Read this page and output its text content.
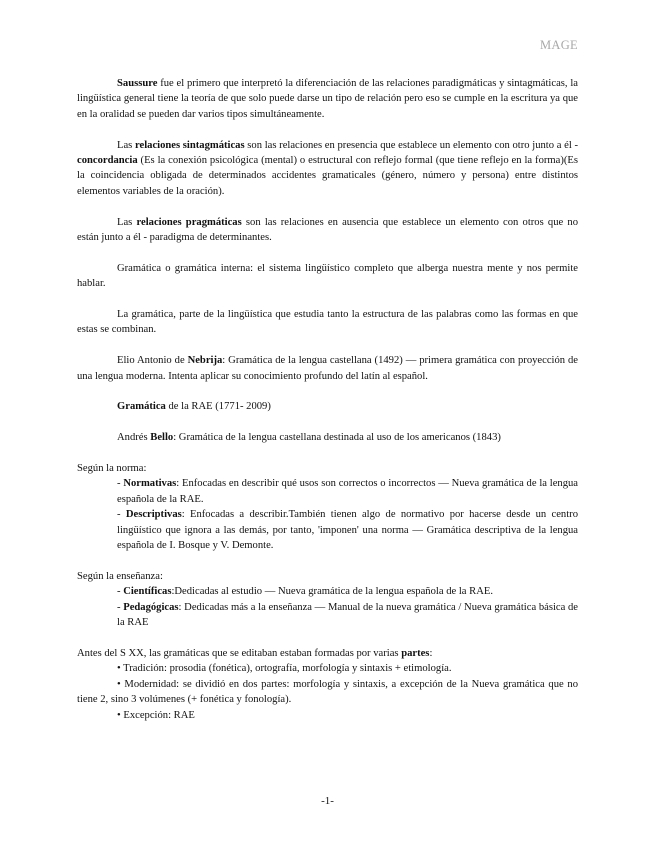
MAGE

Saussure fue el primero que interpretó la diferenciación de las relaciones paradigmáticas y sintagmáticas, la lingüística general tiene la teoría de que solo puede darse un tipo de relación pero eso se cumple en la escritura ya que en la oralidad se pueden dar varios tipos simultáneamente.

Las relaciones sintagmáticas son las relaciones en presencia que establece un elemento con otro junto a él - concordancia (Es la conexión psicológica (mental) o estructural con reflejo formal (que tiene reflejo en la forma)(Es la coincidencia obligada de determinados accidentes gramaticales (género, número y persona) entre distintos elementos variables de la oración).

Las relaciones pragmáticas son las relaciones en ausencia que establece un elemento con otros que no están junto a él - paradigma de determinantes.

Gramática o gramática interna: el sistema lingüístico completo que alberga nuestra mente y nos permite hablar.

La gramática, parte de la lingüística que estudia tanto la estructura de las palabras como las formas en que estas se combinan.

Elio Antonio de Nebrija: Gramática de la lengua castellana (1492) — primera gramática con proyección de una lengua moderna. Intenta aplicar su conocimiento profundo del latín al español.

Gramática de la RAE (1771- 2009)

Andrés Bello: Gramática de la lengua castellana destinada al uso de los americanos (1843)

Según la norma:

- Normativas: Enfocadas en describir qué usos son correctos o incorrectos — Nueva gramática de la lengua española de la RAE.

- Descriptivas: Enfocadas a describir.También tienen algo de normativo por hacerse desde un centro lingüístico que ignora a las demás, por tanto, 'imponen' una norma — Gramática descriptiva de la lengua española de I. Bosque y V. Demonte.

Según la enseñanza:

- Científicas:Dedicadas al estudio — Nueva gramática de la lengua española de la RAE.

- Pedagógicas: Dedicadas más a la enseñanza — Manual de la nueva gramática / Nueva gramática básica de la RAE

Antes del S XX, las gramáticas que se editaban estaban formadas por varias partes:

• Tradición: prosodia (fonética), ortografía, morfología y sintaxis + etimología.

• Modernidad: se dividió en dos partes: morfología y sintaxis, a excepción de la Nueva gramática que no tiene 2, sino 3 volúmenes (+ fonética y fonología).

• Excepción: RAE

-1-
